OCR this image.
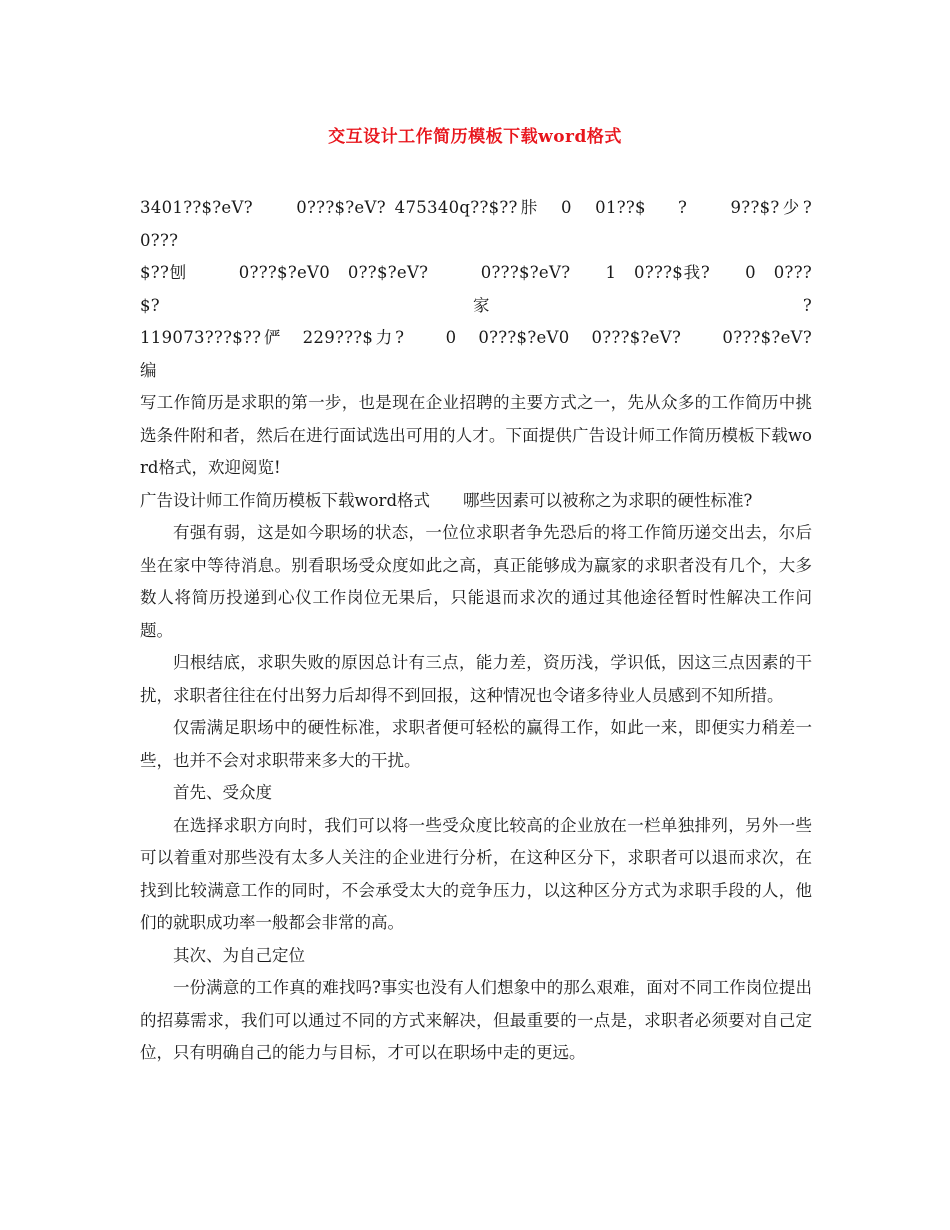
交互设计工作简历模板下载word格式
3401??$?eV?　　0???$?eV? 475340q??$??胩　0　01??$　 ?　　9??$?少?　　0???
$??刨　　　0???$?eV0　0??$?eV?　　　0???$?eV?　　1　0???$我?　　0　0???$?家?
119073???$??俨　229???$力?　　0　0???$?eV0　0???$?eV?　　0???$?eV?　　　　编

写工作简历是求职的第一步，也是现在企业招聘的主要方式之一，先从众多的工作简历中挑选条件附和者，然后在进行面试选出可用的人才。下面提供广告设计师工作简历模板下载word格式，欢迎阅览!

广告设计师工作简历模板下载word格式　　哪些因素可以被称之为求职的硬性标准?

有强有弱，这是如今职场的状态，一位位求职者争先恐后的将工作简历递交出去，尔后坐在家中等待消息。别看职场受众度如此之高，真正能够成为赢家的求职者没有几个，大多数人将简历投递到心仪工作岗位无果后，只能退而求次的通过其他途径暂时性解决工作问题。

归根结底，求职失败的原因总计有三点，能力差，资历浅，学识低，因这三点因素的干扰，求职者往往在付出努力后却得不到回报，这种情况也令诸多待业人员感到不知所措。

仅需满足职场中的硬性标准，求职者便可轻松的赢得工作，如此一来，即便实力稍差一些，也并不会对求职带来多大的干扰。

首先、受众度

在选择求职方向时，我们可以将一些受众度比较高的企业放在一栏单独排列，另外一些可以着重对那些没有太多人关注的企业进行分析，在这种区分下，求职者可以退而求次，在找到比较满意工作的同时，不会承受太大的竞争压力，以这种区分方式为求职手段的人，他们的就职成功率一般都会非常的高。

其次、为自己定位

一份满意的工作真的难找吗?事实也没有人们想象中的那么艰难，面对不同工作岗位提出的招募需求，我们可以通过不同的方式来解决，但最重要的一点是，求职者必须要对自己定位，只有明确自己的能力与目标，才可以在职场中走的更远。
